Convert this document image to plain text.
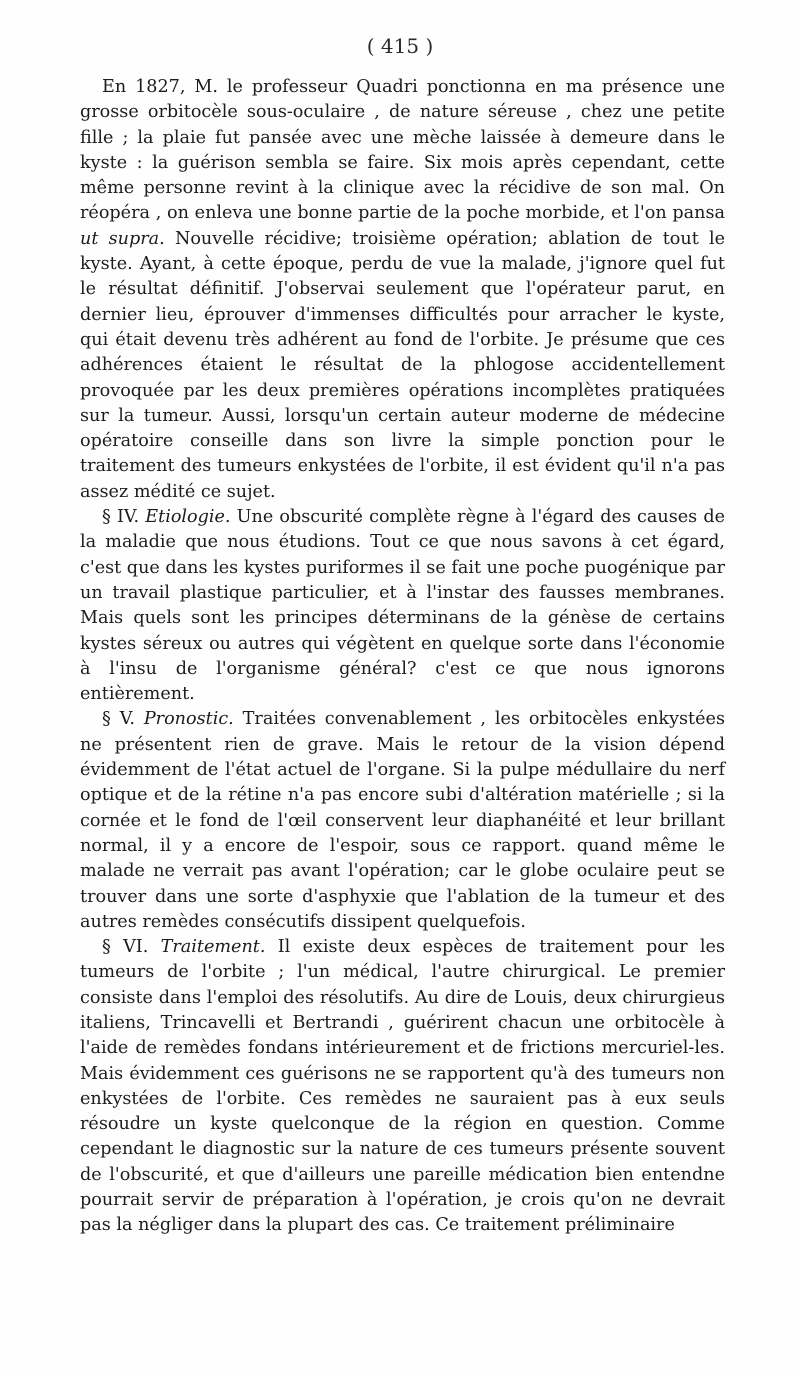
( 415 )

En 1827, M. le professeur Quadri ponctionna en ma présence une grosse orbitocèle sous-oculaire , de nature séreuse , chez une petite fille ; la plaie fut pansée avec une mèche laissée à demeure dans le kyste : la guérison sembla se faire. Six mois après cependant, cette même personne revint à la clinique avec la récidive de son mal. On réopéra , on enleva une bonne partie de la poche morbide, et l'on pansa ut supra. Nouvelle récidive; troisième opération; ablation de tout le kyste. Ayant, à cette époque, perdu de vue la malade, j'ignore quel fut le résultat définitif. J'observai seulement que l'opérateur parut, en dernier lieu, éprouver d'immenses difficultés pour arracher le kyste, qui était devenu très adhérent au fond de l'orbite. Je présume que ces adhérences étaient le résultat de la phlogose accidentellement provoquée par les deux premières opérations incomplètes pratiquées sur la tumeur. Aussi, lorsqu'un certain auteur moderne de médecine opératoire conseille dans son livre la simple ponction pour le traitement des tumeurs enkystées de l'orbite, il est évident qu'il n'a pas assez médité ce sujet.

§ IV. Etiologie. Une obscurité complète règne à l'égard des causes de la maladie que nous étudions. Tout ce que nous savons à cet égard, c'est que dans les kystes puriformes il se fait une poche puogénique par un travail plastique particulier, et à l'instar des fausses membranes. Mais quels sont les principes déterminans de la génèse de certains kystes séreux ou autres qui végètent en quelque sorte dans l'économie à l'insu de l'organisme général? c'est ce que nous ignorons entièrement.

§ V. Pronostic. Traitées convenablement , les orbitocèles enkystées ne présentent rien de grave. Mais le retour de la vision dépend évidemment de l'état actuel de l'organe. Si la pulpe médullaire du nerf optique et de la rétine n'a pas encore subi d'altération matérielle ; si la cornée et le fond de l'œil conservent leur diaphanéité et leur brillant normal, il y a encore de l'espoir, sous ce rapport. quand même le malade ne verrait pas avant l'opération; car le globe oculaire peut se trouver dans une sorte d'asphyxie que l'ablation de la tumeur et des autres remèdes consécutifs dissipent quelquefois.

§ VI. Traitement. Il existe deux espèces de traitement pour les tumeurs de l'orbite ; l'un médical, l'autre chirurgical. Le premier consiste dans l'emploi des résolutifs. Au dire de Louis, deux chirurgieus italiens, Trincavelli et Bertrandi , guérirent chacun une orbitocèle à l'aide de remèdes fondans intérieurement et de frictions mercuriel-les. Mais évidemment ces guérisons ne se rapportent qu'à des tumeurs non enkystées de l'orbite. Ces remèdes ne sauraient pas à eux seuls résoudre un kyste quelconque de la région en question. Comme cependant le diagnostic sur la nature de ces tumeurs présente souvent de l'obscurité, et que d'ailleurs une pareille médication bien entendne pourrait servir de préparation à l'opération, je crois qu'on ne devrait pas la négliger dans la plupart des cas. Ce traitement préliminaire
